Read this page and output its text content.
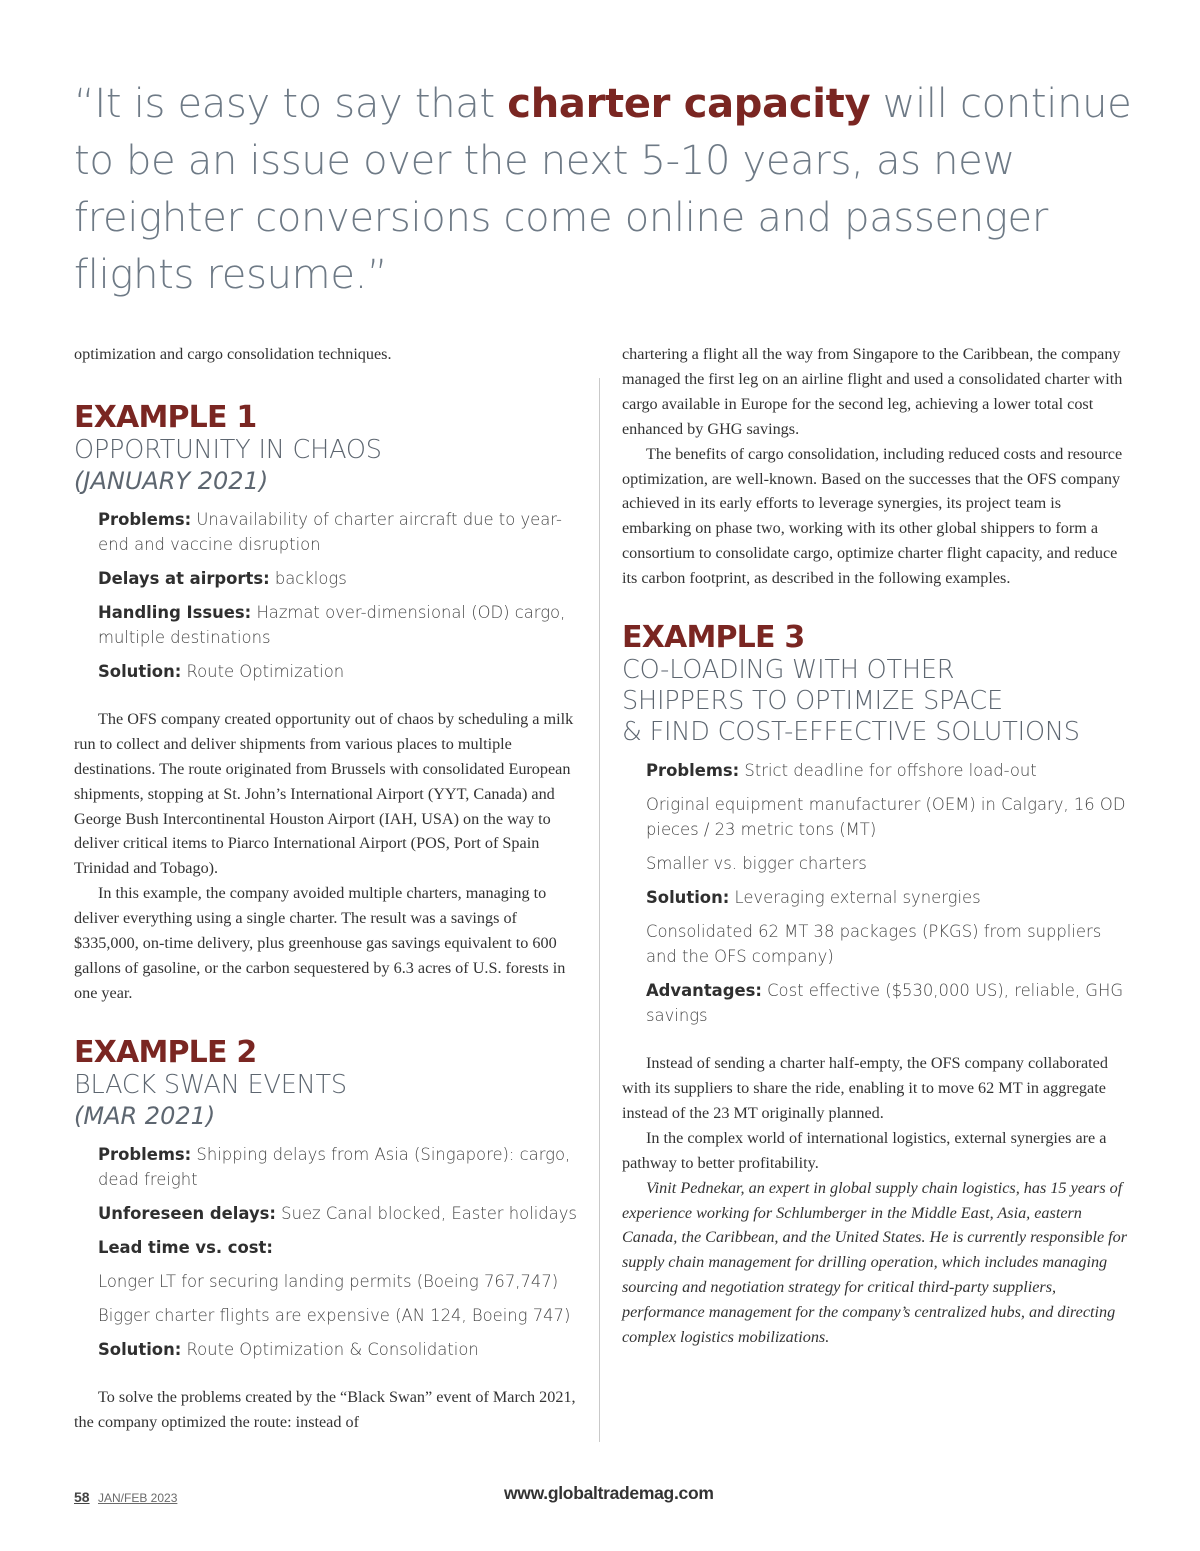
“It is easy to say that charter capacity will continue to be an issue over the next 5-10 years, as new freighter conversions come online and passenger flights resume.”

optimization and cargo consolidation techniques.

EXAMPLE 1

OPPORTUNITY IN CHAOS

(JANUARY 2021)

Problems: Unavailability of charter aircraft due to year-end and vaccine disruption
Delays at airports: backlogs
Handling Issues: Hazmat over-dimensional (OD) cargo, multiple destinations
Solution: Route Optimization

The OFS company created opportunity out of chaos by scheduling a milk run to collect and deliver shipments from various places to multiple destinations. The route originated from Brussels with consolidated European shipments, stopping at St. John’s International Airport (YYT, Canada) and George Bush Intercontinental Houston Airport (IAH, USA) on the way to deliver critical items to Piarco International Airport (POS, Port of Spain Trinidad and Tobago).

In this example, the company avoided multiple charters, managing to deliver everything using a single charter. The result was a savings of $335,000, on-time delivery, plus greenhouse gas savings equivalent to 600 gallons of gasoline, or the carbon sequestered by 6.3 acres of U.S. forests in one year.

EXAMPLE 2

BLACK SWAN EVENTS

(MAR 2021)

Problems: Shipping delays from Asia (Singapore): cargo, dead freight
Unforeseen delays: Suez Canal blocked, Easter holidays
Lead time vs. cost:
Longer LT for securing landing permits (Boeing 767,747)
Bigger charter flights are expensive (AN 124, Boeing 747)
Solution: Route Optimization & Consolidation

To solve the problems created by the “Black Swan” event of March 2021, the company optimized the route: instead of

chartering a flight all the way from Singapore to the Caribbean, the company managed the first leg on an airline flight and used a consolidated charter with cargo available in Europe for the second leg, achieving a lower total cost enhanced by GHG savings.

The benefits of cargo consolidation, including reduced costs and resource optimization, are well-known. Based on the successes that the OFS company achieved in its early efforts to leverage synergies, its project team is embarking on phase two, working with its other global shippers to form a consortium to consolidate cargo, optimize charter flight capacity, and reduce its carbon footprint, as described in the following examples.

EXAMPLE 3

CO-LOADING WITH OTHER

SHIPPERS TO OPTIMIZE SPACE

& FIND COST-EFFECTIVE SOLUTIONS

Problems: Strict deadline for offshore load-out
Original equipment manufacturer (OEM) in Calgary, 16 OD pieces / 23 metric tons (MT)
Smaller vs. bigger charters
Solution: Leveraging external synergies
Consolidated 62 MT 38 packages (PKGS) from suppliers and the OFS company)
Advantages: Cost effective ($530,000 US), reliable, GHG savings

Instead of sending a charter half-empty, the OFS company collaborated with its suppliers to share the ride, enabling it to move 62 MT in aggregate instead of the 23 MT originally planned.

In the complex world of international logistics, external synergies are a pathway to better profitability.

Vinit Pednekar, an expert in global supply chain logistics, has 15 years of experience working for Schlumberger in the Middle East, Asia, eastern Canada, the Caribbean, and the United States. He is currently responsible for supply chain management for drilling operation, which includes managing sourcing and negotiation strategy for critical third-party suppliers, performance management for the company’s centralized hubs, and directing complex logistics mobilizations.

58 JAN/FEB 2023	www.globaltrademag.com
